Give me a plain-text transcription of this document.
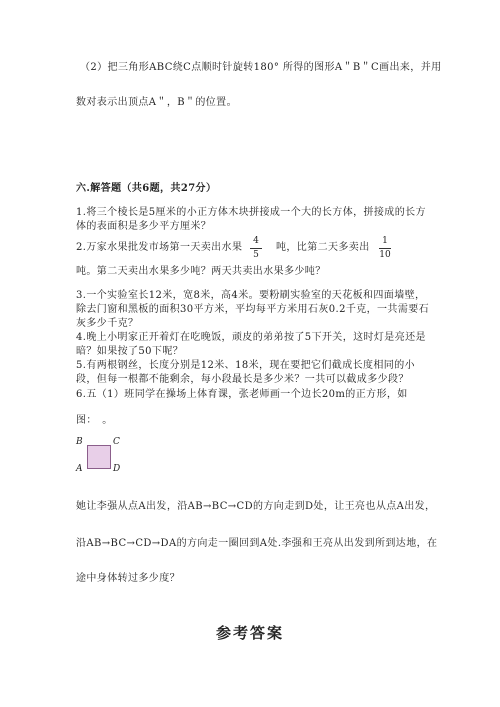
（2）把三角形ABC绕C点顺时针旋转180° 所得的图形A＂B＂C画出来，并用
数对表示出顶点A＂，B＂的位置。
六.解答题（共6题，共27分）
1.将三个棱长是5厘米的小正方体木块拼接成一个大的长方体，拼接成的长方
体的表面积是多少平方厘米？
2.万家水果批发市场第一天卖出水果
4
5
吨，比第二天多卖出
1
10
吨。第二天卖出水果多少吨？两天共卖出水果多少吨？
3.一个实验室长12米，宽8米，高4米。要粉刷实验室的天花板和四面墙壁，
除去门窗和黑板的面积30平方米，平均每平方米用石灰0.2千克，一共需要石
灰多少千克？
4.晚上小明家正开着灯在吃晚饭，顽皮的弟弟按了5下开关，这时灯是亮还是
暗？如果按了50下呢？
5.有两根钢丝，长度分别是12米、18米，现在要把它们截成长度相同的小
段，但每一根都不能剩余，每小段最长是多少米？一共可以截成多少段？
6.五（1）班同学在操场上体育课，张老师画一个边长20m的正方形，如
图：　。
B	C
A	D
她让李强从点A出发，沿AB→BC→CD的方向走到D处，让王亮也从点A出发，
沿AB→BC→CD→DA的方向走一圈回到A处.李强和王亮从出发到所到达地，在
途中身体转过多少度？
参考答案
